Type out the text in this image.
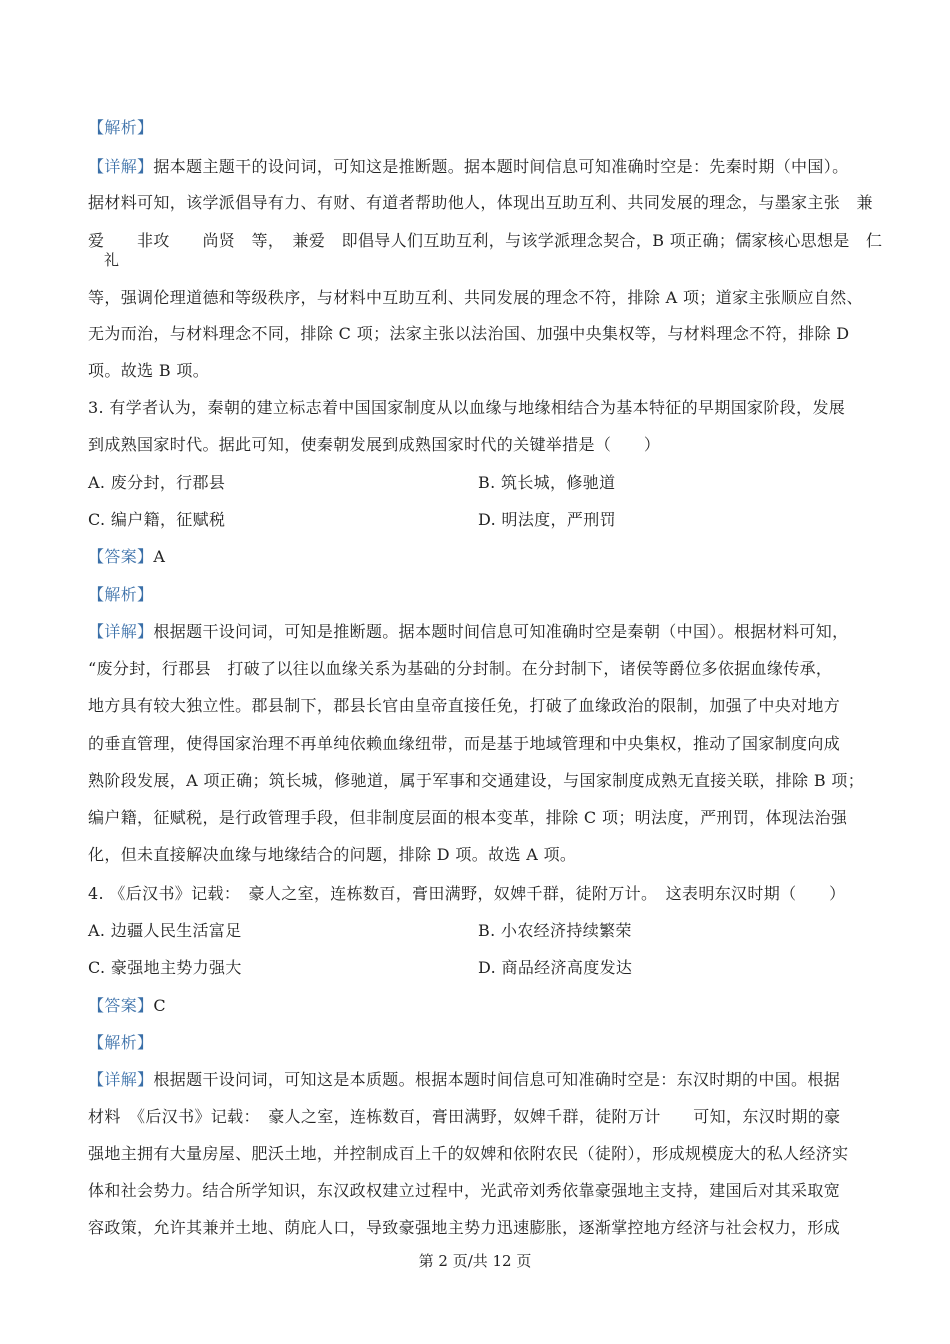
【解析】
【详解】据本题主题干的设问词，可知这是推断题。据本题时间信息可知准确时空是：先秦时期（中国）。
据材料可知，该学派倡导有力、有财、有道者帮助他人，体现出互助互利、共同发展的理念，与墨家主张　兼
爱　　非攻　　尚贤　等，　兼爱　即倡导人们互助互利，与该学派理念契合，B 项正确；儒家核心思想是　仁
礼
等，强调伦理道德和等级秩序，与材料中互助互利、共同发展的理念不符，排除 A 项；道家主张顺应自然、
无为而治，与材料理念不同，排除 C 项；法家主张以法治国、加强中央集权等，与材料理念不符，排除 D
项。故选 B 项。
3. 有学者认为，秦朝的建立标志着中国国家制度从以血缘与地缘相结合为基本特征的早期国家阶段，发展
到成熟国家时代。据此可知，使秦朝发展到成熟国家时代的关键举措是（　　）
A. 废分封，行郡县	B. 筑长城，修驰道
C. 编户籍，征赋税	D. 明法度，严刑罚
【答案】A
【解析】
【详解】根据题干设问词，可知是推断题。据本题时间信息可知准确时空是秦朝（中国）。根据材料可知，
“废分封，行郡县　打破了以往以血缘关系为基础的分封制。在分封制下，诸侯等爵位多依据血缘传承，
地方具有较大独立性。郡县制下，郡县长官由皇帝直接任免，打破了血缘政治的限制，加强了中央对地方
的垂直管理，使得国家治理不再单纯依赖血缘纽带，而是基于地域管理和中央集权，推动了国家制度向成
熟阶段发展，A 项正确；筑长城，修驰道，属于军事和交通建设，与国家制度成熟无直接关联，排除 B 项；
编户籍，征赋税，是行政管理手段，但非制度层面的根本变革，排除 C 项；明法度，严刑罚，体现法治强
化，但未直接解决血缘与地缘结合的问题，排除 D 项。故选 A 项。
4. 《后汉书》记载：　豪人之室，连栋数百，膏田满野，奴婢千群，徒附万计。　这表明东汉时期（　　）
A. 边疆人民生活富足	B. 小农经济持续繁荣
C. 豪强地主势力强大	D. 商品经济高度发达
【答案】C
【解析】
【详解】根据题干设问词，可知这是本质题。根据本题时间信息可知准确时空是：东汉时期的中国。根据
材料　《后汉书》记载：　豪人之室，连栋数百，膏田满野，奴婢千群，徒附万计　　可知，东汉时期的豪
强地主拥有大量房屋、肥沃土地，并控制成百上千的奴婢和依附农民（徒附），形成规模庞大的私人经济实
体和社会势力。结合所学知识，东汉政权建立过程中，光武帝刘秀依靠豪强地主支持，建国后对其采取宽
容政策，允许其兼并土地、荫庇人口，导致豪强地主势力迅速膨胀，逐渐掌控地方经济与社会权力，形成
第 2 页/共 12 页
